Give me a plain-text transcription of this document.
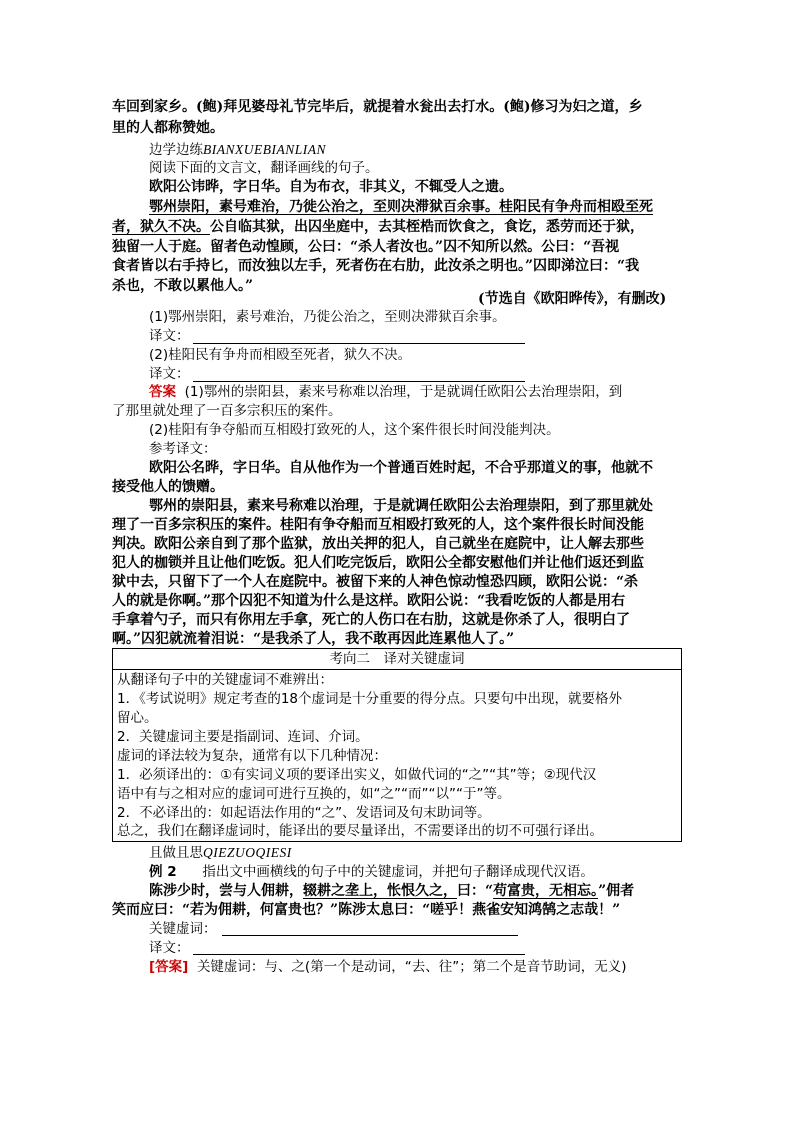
车回到家乡。(鲍)拜见婆母礼节完毕后，就提着水瓮出去打水。(鲍)修习为妇之道，乡
里的人都称赞她。
边学边练BIANXUEBIANLIAN
阅读下面的文言文，翻译画线的句子。
欧阳公讳晔，字日华。自为布衣，非其义，不辄受人之遗。
鄂州崇阳，素号难治，乃徙公治之，至则决滞狱百余事。桂阳民有争舟而相殴至死
者，狱久不决。公自临其狱，出囚坐庭中，去其桎梏而饮食之，食讫，悉劳而还于狱，
独留一人于庭。留者色动惶顾，公曰：“杀人者汝也。”囚不知所以然。公曰：“吾视
食者皆以右手持匕，而汝独以左手，死者伤在右肋，此汝杀之明也。”囚即涕泣曰：“我
杀也，不敢以累他人。”
(节选自《欧阳晔传》，有删改)
(1)鄂州崇阳，素号难治，乃徙公治之，至则决滞狱百余事。
译文：
(2)桂阳民有争舟而相殴至死者，狱久不决。
译文：
答案 (1)鄂州的崇阳县，素来号称难以治理，于是就调任欧阳公去治理崇阳，到
了那里就处理了一百多宗积压的案件。
(2)桂阳有争夺船而互相殴打致死的人，这个案件很长时间没能判决。
参考译文：
欧阳公名晔，字日华。自从他作为一个普通百姓时起，不合乎那道义的事，他就不
接受他人的馈赠。
鄂州的崇阳县，素来号称难以治理，于是就调任欧阳公去治理崇阳，到了那里就处
理了一百多宗积压的案件。桂阳有争夺船而互相殴打致死的人，这个案件很长时间没能
判决。欧阳公亲自到了那个监狱，放出关押的犯人，自己就坐在庭院中，让人解去那些
犯人的枷锁并且让他们吃饭。犯人们吃完饭后，欧阳公全都安慰他们并让他们返还到监
狱中去，只留下了一个人在庭院中。被留下来的人神色惊动惶恐四顾，欧阳公说：“杀
人的就是你啊。”那个囚犯不知道为什么是这样。欧阳公说：“我看吃饭的人都是用右
手拿着勺子，而只有你用左手拿，死亡的人伤口在右肋，这就是你杀了人，很明白了
啊。”囚犯就流着泪说：“是我杀了人，我不敢再因此连累他人了。”
考向二　译对关键虚词
从翻译句子中的关键虚词不难辨出：
1．《考试说明》规定考查的18个虚词是十分重要的得分点。只要句中出现，就要格外
留心。
2．关键虚词主要是指副词、连词、介词。
虚词的译法较为复杂，通常有以下几种情况：
1．必须译出的：①有实词义项的要译出实义，如做代词的“之”“其”等；②现代汉
语中有与之相对应的虚词可进行互换的，如“之”“而”“以”“于”等。
2．不必译出的：如起语法作用的“之”、发语词及句末助词等。
总之，我们在翻译虚词时，能译出的要尽量译出，不需要译出的切不可强行译出。
且做且思QIEZUOQIESI
例 2 指出文中画横线的句子中的关键虚词，并把句子翻译成现代汉语。
陈涉少时，尝与人佣耕，辍耕之垄上，怅恨久之，曰：“苟富贵，无相忘。”佣者
笑而应曰：“若为佣耕，何富贵也？”陈涉太息曰：“嗟乎！燕雀安知鸿鹄之志哉！”
关键虚词：
译文：
[答案] 关键虚词：与、之(第一个是动词，“去、往”；第二个是音节助词，无义)
